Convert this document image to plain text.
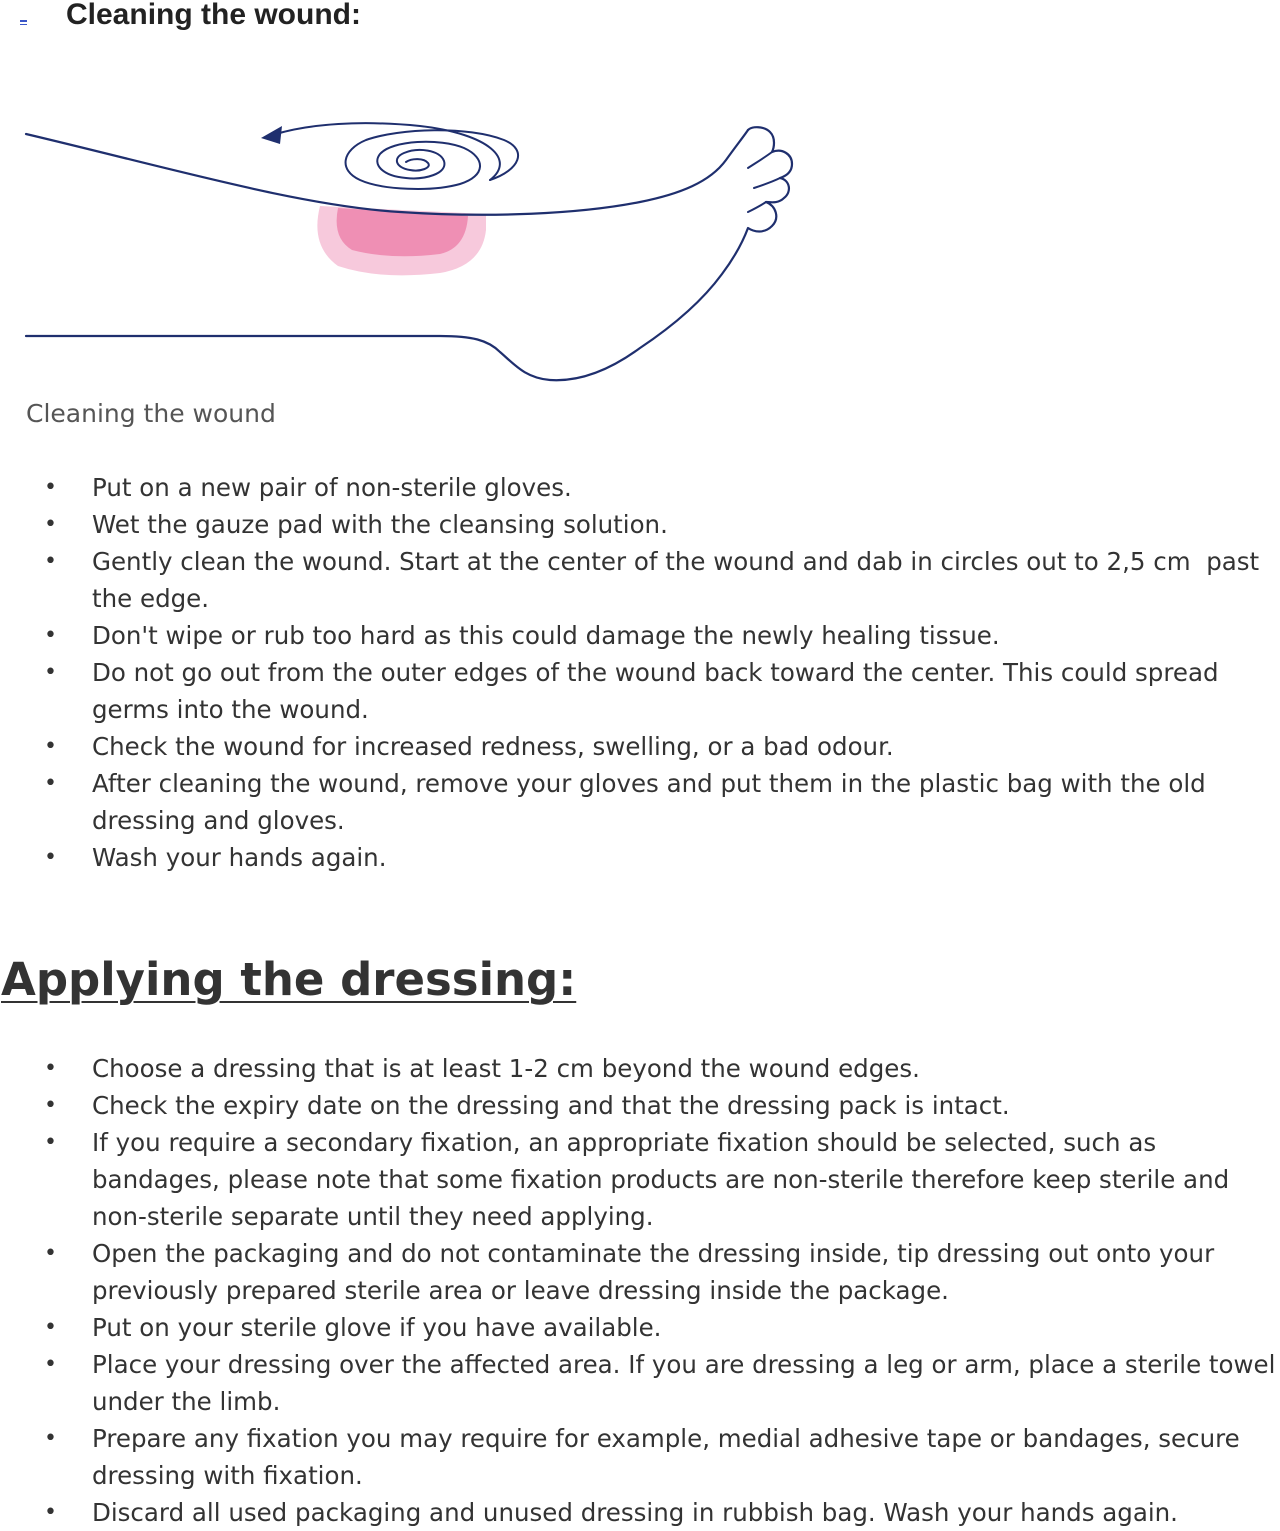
Cleaning the wound:

Cleaning the wound

• Put on a new pair of non-sterile gloves.
• Wet the gauze pad with the cleansing solution.
• Gently clean the wound. Start at the center of the wound and dab in circles out to 2,5 cm  past the edge.
• Don't wipe or rub too hard as this could damage the newly healing tissue.
• Do not go out from the outer edges of the wound back toward the center. This could spread germs into the wound.
• Check the wound for increased redness, swelling, or a bad odour.
• After cleaning the wound, remove your gloves and put them in the plastic bag with the old dressing and gloves.
• Wash your hands again.
Applying the dressing:
• Choose a dressing that is at least 1-2 cm beyond the wound edges.
• Check the expiry date on the dressing and that the dressing pack is intact.
• If you require a secondary fixation, an appropriate fixation should be selected, such as bandages, please note that some fixation products are non-sterile therefore keep sterile and non-sterile separate until they need applying.
• Open the packaging and do not contaminate the dressing inside, tip dressing out onto your previously prepared sterile area or leave dressing inside the package.
• Put on your sterile glove if you have available.
• Place your dressing over the affected area. If you are dressing a leg or arm, place a sterile towel under the limb.
• Prepare any fixation you may require for example, medial adhesive tape or bandages, secure dressing with fixation.
• Discard all used packaging and unused dressing in rubbish bag. Wash your hands again.
